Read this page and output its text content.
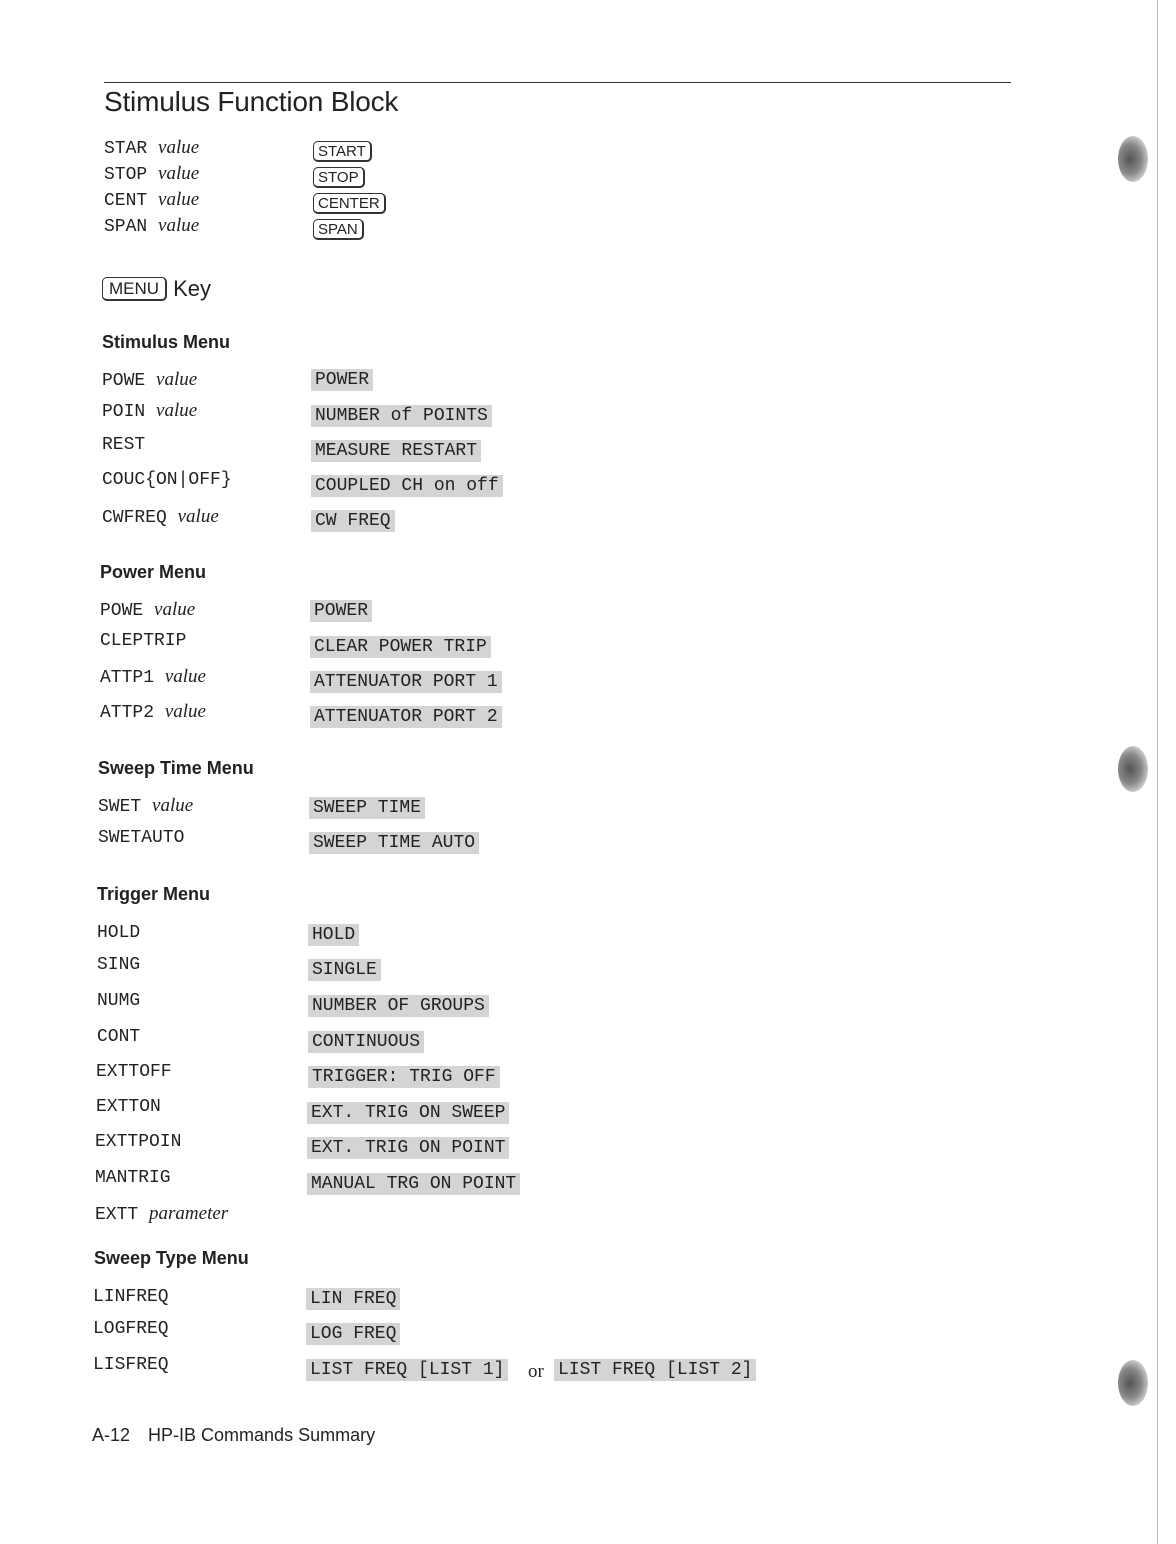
Stimulus Function Block
STAR value	START
STOP value	STOP
CENT value	CENTER
SPAN value	SPAN
MENU Key
Stimulus Menu
POWE value	POWER
POIN value	NUMBER of POINTS
REST	MEASURE RESTART
COUC{ON|OFF}	COUPLED CH on off
CWFREQ value	CW FREQ
Power Menu
POWE value	POWER
CLEPTRIP	CLEAR POWER TRIP
ATTP1 value	ATTENUATOR PORT 1
ATTP2 value	ATTENUATOR PORT 2
Sweep Time Menu
SWET value	SWEEP TIME
SWETAUTO	SWEEP TIME AUTO
Trigger Menu
HOLD	HOLD
SING	SINGLE
NUMG	NUMBER OF GROUPS
CONT	CONTINUOUS
EXTTOFF	TRIGGER: TRIG OFF
EXTTON	EXT. TRIG ON SWEEP
EXTTPOIN	EXT. TRIG ON POINT
MANTRIG	MANUAL TRG ON POINT
EXTT parameter
Sweep Type Menu
LINFREQ	LIN FREQ
LOGFREQ	LOG FREQ
LISFREQ	LIST FREQ [LIST 1] or LIST FREQ [LIST 2]
A-12 HP-IB Commands Summary
